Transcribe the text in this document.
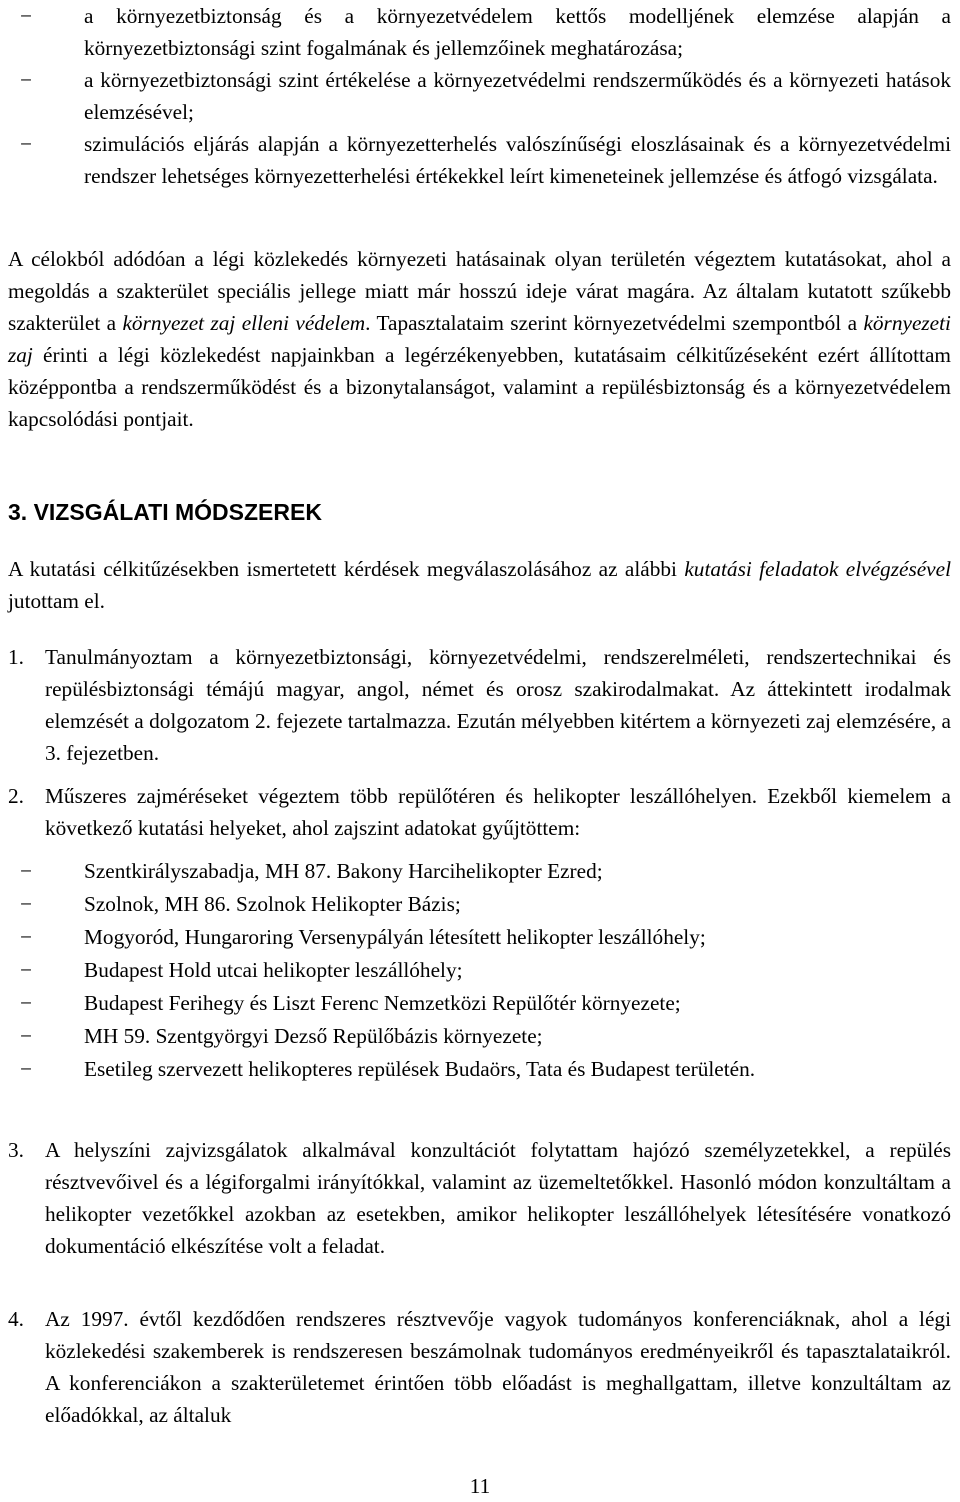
− a környezetbiztonság és a környezetvédelem kettős modelljének elemzése alapján a környezetbiztonsági szint fogalmának és jellemzőinek meghatározása;
− a környezetbiztonsági szint értékelése a környezetvédelmi rendszerműködés és a környezeti hatások elemzésével;
− szimulációs eljárás alapján a környezetterhelés valószínűségi eloszlásainak és a környezetvédelmi rendszer lehetséges környezetterhelési értékekkel leírt kimeneteinek jellemzése és átfogó vizsgálata.

A célokból adódóan a légi közlekedés környezeti hatásainak olyan területén végeztem kutatásokat, ahol a megoldás a szakterület speciális jellege miatt már hosszú ideje várat magára. Az általam kutatott szűkebb szakterület a környezet zaj elleni védelem. Tapasztalataim szerint környezetvédelmi szempontból a környezeti zaj érinti a légi közlekedést napjainkban a legérzékenyebben, kutatásaim célkitűzéseként ezért állítottam középpontba a rendszerműködést és a bizonytalanságot, valamint a repülésbiztonság és a környezetvédelem kapcsolódási pontjait.

3. VIZSGÁLATI MÓDSZEREK

A kutatási célkitűzésekben ismertetett kérdések megválaszolásához az alábbi kutatási feladatok elvégzésével jutottam el.

1. Tanulmányoztam a környezetbiztonsági, környezetvédelmi, rendszerelméleti, rendszertechnikai és repülésbiztonsági témájú magyar, angol, német és orosz szakirodalmakat. Az áttekintett irodalmak elemzését a dolgozatom 2. fejezete tartalmazza. Ezután mélyebben kitértem a környezeti zaj elemzésére, a 3. fejezetben.
2. Műszeres zajméréseket végeztem több repülőtéren és helikopter leszállóhelyen. Ezekből kiemelem a következő kutatási helyeket, ahol zajszint adatokat gyűjtöttem:
− Szentkirályszabadja, MH 87. Bakony Harcihelikopter Ezred;
− Szolnok, MH 86. Szolnok Helikopter Bázis;
− Mogyoród, Hungaroring Versenypályán létesített helikopter leszállóhely;
− Budapest Hold utcai helikopter leszállóhely;
− Budapest Ferihegy és Liszt Ferenc Nemzetközi Repülőtér környezete;
− MH 59. Szentgyörgyi Dezső Repülőbázis környezete;
− Esetileg szervezett helikopteres repülések Budaörs, Tata és Budapest területén.
3. A helyszíni zajvizsgálatok alkalmával konzultációt folytattam hajózó személyzetekkel, a repülés résztvevőivel és a légiforgalmi irányítókkal, valamint az üzemeltetőkkel. Hasonló módon konzultáltam a helikopter vezetőkkel azokban az esetekben, amikor helikopter leszállóhelyek létesítésére vonatkozó dokumentáció elkészítése volt a feladat.
4. Az 1997. évtől kezdődően rendszeres résztvevője vagyok tudományos konferenciáknak, ahol a légi közlekedési szakemberek is rendszeresen beszámolnak tudományos eredményeikről és tapasztalataikról. A konferenciákon a szakterületemet érintően több előadást is meghallgattam, illetve konzultáltam az előadókkal, az általuk
11
